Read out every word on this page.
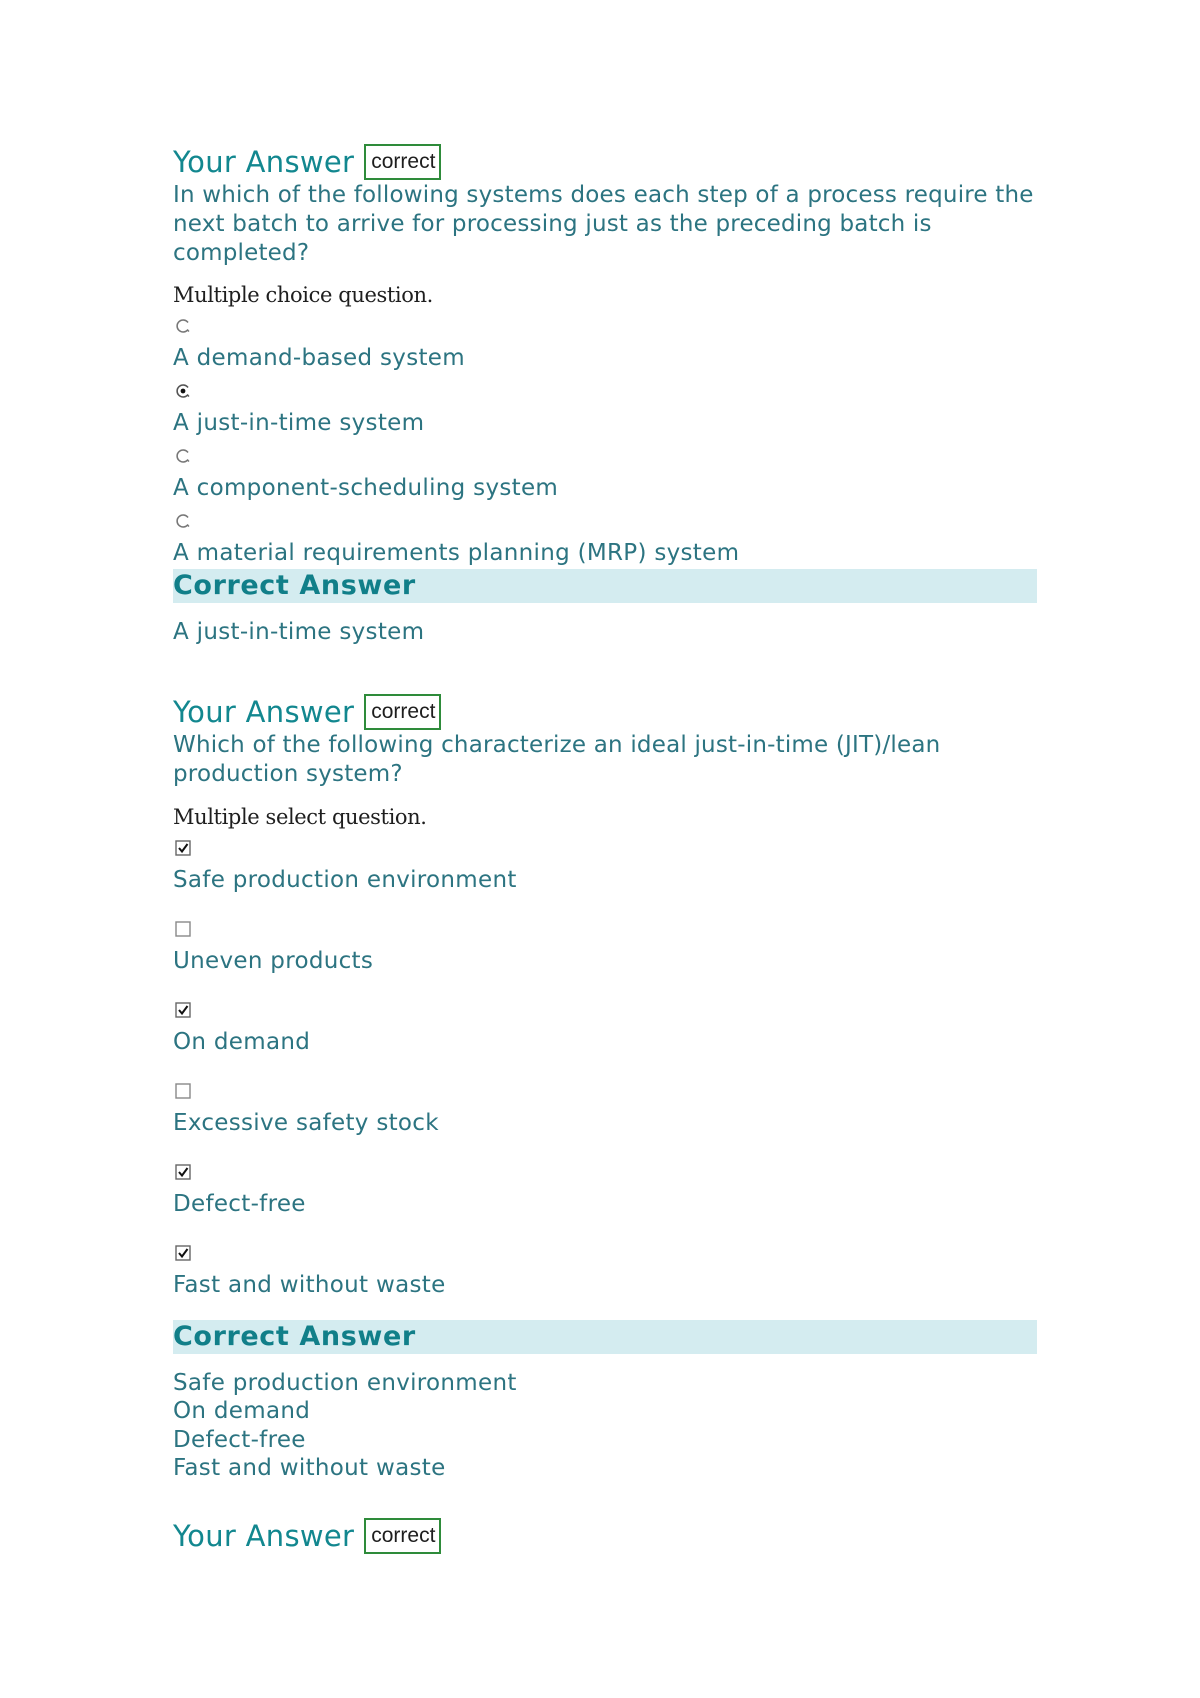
Your Answer correct
In which of the following systems does each step of a process require the next batch to arrive for processing just as the preceding batch is completed?
Multiple choice question.
A demand-based system
A just-in-time system
A component-scheduling system
A material requirements planning (MRP) system
Correct Answer
A just-in-time system
Your Answer correct
Which of the following characterize an ideal just-in-time (JIT)/lean production system?
Multiple select question.
Safe production environment
Uneven products
On demand
Excessive safety stock
Defect-free
Fast and without waste
Correct Answer
Safe production environment
On demand
Defect-free
Fast and without waste
Your Answer correct
